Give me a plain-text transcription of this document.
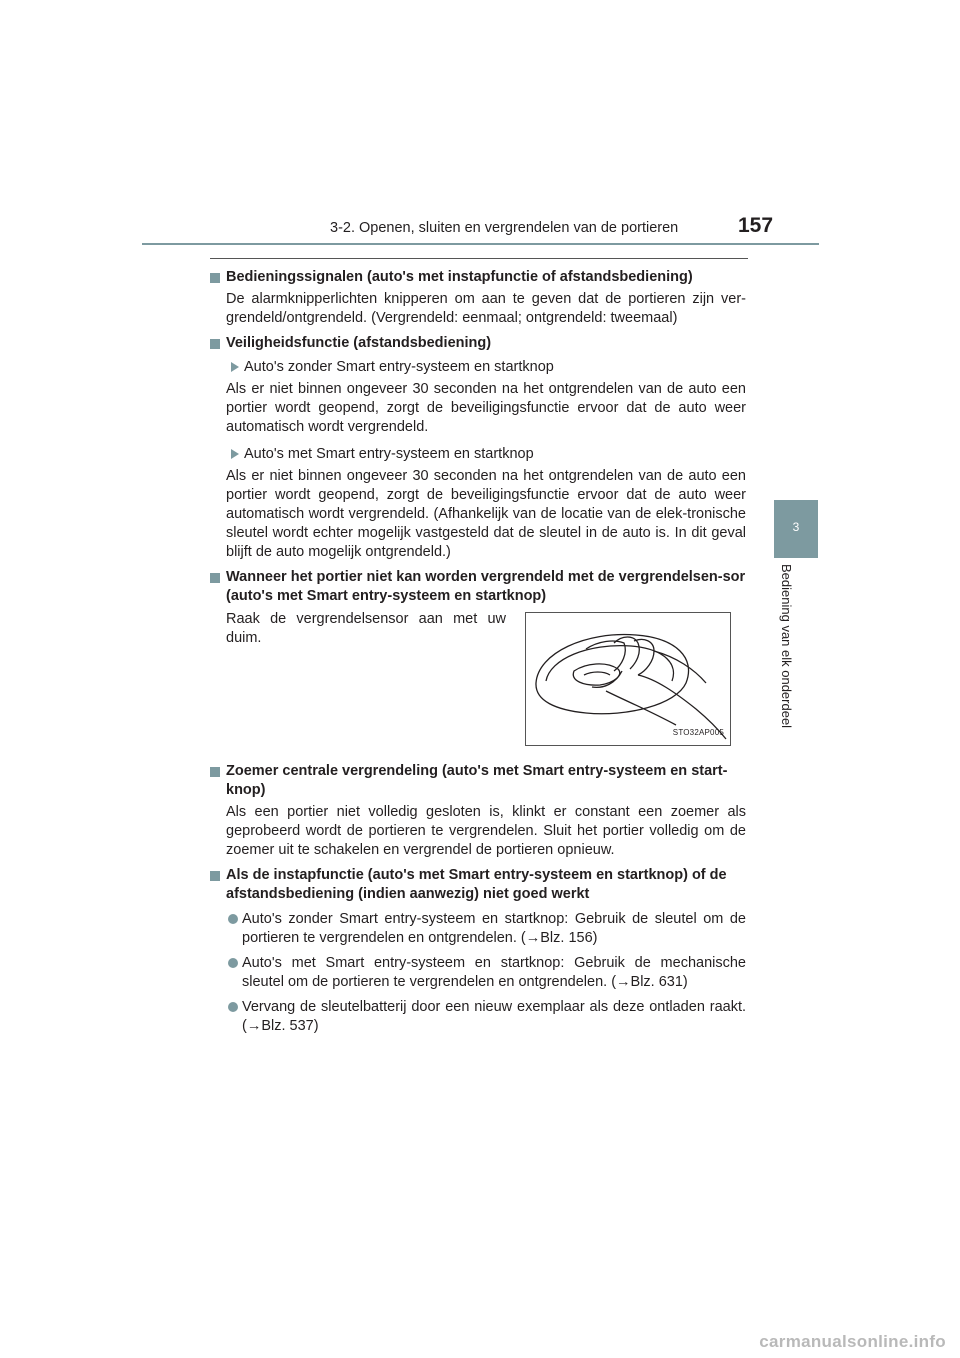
3-2. Openen, sluiten en vergrendelen van de portieren	157
3
Bediening van elk onderdeel
Bedieningssignalen (auto's met instapfunctie of afstandsbediening)
De alarmknipperlichten knipperen om aan te geven dat de portieren zijn ver-grendeld/ontgrendeld. (Vergrendeld: eenmaal; ontgrendeld: tweemaal)
Veiligheidsfunctie (afstandsbediening)
Auto's zonder Smart entry-systeem en startknop
Als er niet binnen ongeveer 30 seconden na het ontgrendelen van de auto een portier wordt geopend, zorgt de beveiligingsfunctie ervoor dat de auto weer automatisch wordt vergrendeld.
Auto's met Smart entry-systeem en startknop
Als er niet binnen ongeveer 30 seconden na het ontgrendelen van de auto een portier wordt geopend, zorgt de beveiligingsfunctie ervoor dat de auto weer automatisch wordt vergrendeld. (Afhankelijk van de locatie van de elek-tronische sleutel wordt echter mogelijk vastgesteld dat de sleutel in de auto is. In dit geval blijft de auto mogelijk ontgrendeld.)
Wanneer het portier niet kan worden vergrendeld met de vergrendelsen-sor (auto's met Smart entry-systeem en startknop)
Raak de vergrendelsensor aan met uw duim.
STO32AP005
Zoemer centrale vergrendeling (auto's met Smart entry-systeem en start-knop)
Als een portier niet volledig gesloten is, klinkt er constant een zoemer als geprobeerd wordt de portieren te vergrendelen. Sluit het portier volledig om de zoemer uit te schakelen en vergrendel de portieren opnieuw.
Als de instapfunctie (auto's met Smart entry-systeem en startknop) of de afstandsbediening (indien aanwezig) niet goed werkt
Auto's zonder Smart entry-systeem en startknop: Gebruik de sleutel om de portieren te vergrendelen en ontgrendelen. (→Blz. 156)
Auto's met Smart entry-systeem en startknop: Gebruik de mechanische sleutel om de portieren te vergrendelen en ontgrendelen. (→Blz. 631)
Vervang de sleutelbatterij door een nieuw exemplaar als deze ontladen raakt. (→Blz. 537)
carmanualsonline.info
